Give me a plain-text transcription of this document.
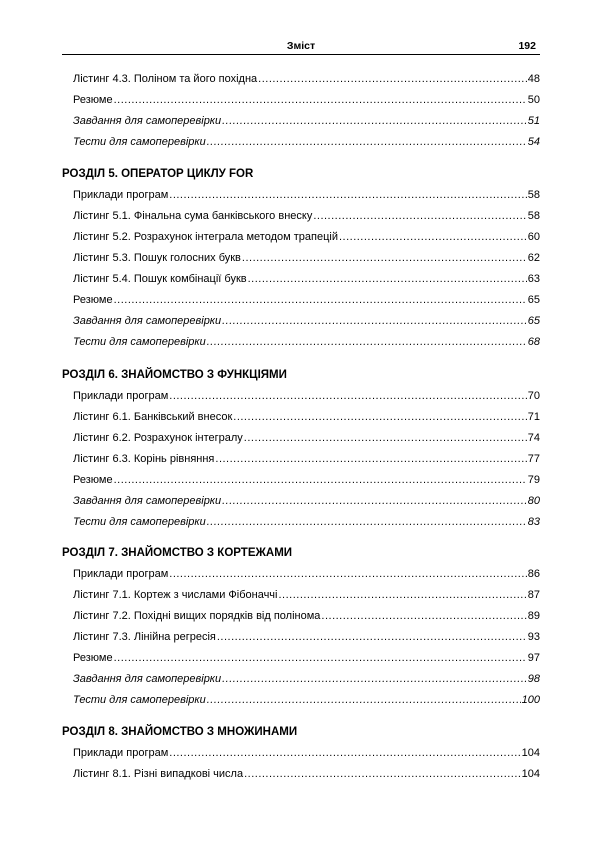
Зміст	192
Лістинг 4.3. Поліном та його похідна .....	48
Резюме .....	50
Завдання для самоперевірки .....	51
Тести для самоперевірки .....	54
РОЗДІЛ 5. ОПЕРАТОР ЦИКЛУ FOR
Приклади програм .....	58
Лістинг 5.1. Фінальна сума банківського внеску .....	58
Лістинг 5.2. Розрахунок інтеграла методом трапецій .....	60
Лістинг 5.3. Пошук голосних букв .....	62
Лістинг 5.4. Пошук комбінації букв .....	63
Резюме .....	65
Завдання для самоперевірки .....	65
Тести для самоперевірки .....	68
РОЗДІЛ 6. ЗНАЙОМСТВО З ФУНКЦІЯМИ
Приклади програм .....	70
Лістинг 6.1. Банківський внесок .....	71
Лістинг 6.2. Розрахунок інтегралу .....	74
Лістинг 6.3. Корінь рівняння .....	77
Резюме .....	79
Завдання для самоперевірки .....	80
Тести для самоперевірки .....	83
РОЗДІЛ 7. ЗНАЙОМСТВО З КОРТЕЖАМИ
Приклади програм .....	86
Лістинг 7.1. Кортеж з числами Фібоначчі .....	87
Лістинг 7.2. Похідні вищих порядків від полінома .....	89
Лістинг 7.3. Лінійна регресія .....	93
Резюме .....	97
Завдання для самоперевірки .....	98
Тести для самоперевірки .....	100
РОЗДІЛ 8. ЗНАЙОМСТВО З МНОЖИНАМИ
Приклади програм .....	104
Лістинг 8.1. Різні випадкові числа .....	104
